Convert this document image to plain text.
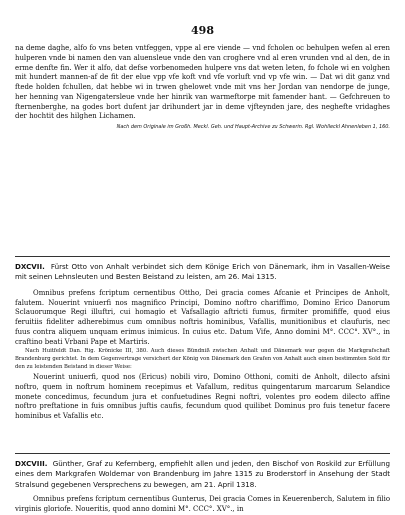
498

na deme daghe, alfo fo vns beten vntfeggen, vppe al ere viende — vnd fcholen oc behulpen wefen al eren hulperen vnde bi namen den van aluensleue vnde den van croghere vnd al eren vrunden vnd al den, de in erme denfte fin. Wer it alfo, dat defse vorbenomeden hulpere vns dat weten leten, fo fchole wi en volghen mit hundert mannen-af de fit der elue vpp vfe koft vnd vfe vorluft vnd vp vfe win. — Dat wi dit ganz vnd ftede holden fchullen, dat hebbe wi in trwen ghelowet vnde mit vns her Jordan van nendorpe de junge, her henning van Nigengatersleue vnde her hinrik van warmeftorpe mit famender hant. — Gefchreuen to fternenberghe, na godes bort dufent jar drihundert jar in deme vjfteynden jare, des neghefte vridaghes der hochtit des hilghen Lichamen.

Nach dem Originale im Großh. Meckl. Geh. und Haupt-Archive zu Schwerin. Rgl. Wohlleckl Ahnenleben 1, 160.

DXCVII. Fürst Otto von Anhalt verbindet sich dem Könige Erich von Dänemark, ihm in Vasallen-Weise mit seinen Lehnsleuten und Besten Beistand zu leisten, am 26. Mai 1315.

Omnibus prefens fcriptum cernentibus Ottho, Dei gracia comes Afcanie et Principes de Anholt, falutem. Nouerint vniuerfi nos magnifico Principi, Domino noftro chariffimo, Domino Erico Danorum Sclauorumque Regi illuftri, cui homagio et Vafsallagio aftricti fumus, firmiter promififfe, quod eius feruitiis fideliter adherebimus cum omnibus noftris hominibus, Vafallis, munitionibus et claufuris, nec fuus contra aliquem unquam erimus inimicus. In cuius etc. Datum Vife, Anno domini M°. CCC°. XV°., in craftino beati Vrbani Pape et Martiris.

Nach Huitfeldt Dan. Rig. Krönicke III, 380. Auch dieses Bündniß zwischen Anhalt und Dänemark war gegen die Markgrafschaft Brandenburg gerichtet. In dem Gegenvertrage versichert der König von Dänemark den Grafen von Anhalt auch einen bestimmten Sold für den zu leistenden Beistand in dieser Weise:

Nouerint uniuerfi, quod nos (Ericus) nobili viro, Domino Otthoni, comiti de Anholt, dilecto afsini noftro, quem in noftrum hominem recepimus et Vafallum, reditus quingentarum marcarum Selandice monete concedimus, fecundum jura et confuetudines Regni noftri, volentes pro eodem dilecto affine noftro preftatione in fuis omnibus juftis caufis, fecundum quod quilibet Dominus pro fuis tenetur facere hominibus et Vafallis etc.

DXCVIII. Günther, Graf zu Kefernberg, empfiehlt allen und jeden, den Bischof von Roskild zur Erfüllung eines dem Markgrafen Woldemar von Brandenburg im Jahre 1315 zu Broderstorf in Ansehung der Stadt Stralsund gegebenen Versprechens zu bewegen, am 21. April 1318.

Omnibus prefens fcriptum cernentibus Gunterus, Dei gracia Comes in Keuerenberch, Salutem in filio virginis gloriofe. Noueritis, quod anno domini M°. CCC°. XV°., in
